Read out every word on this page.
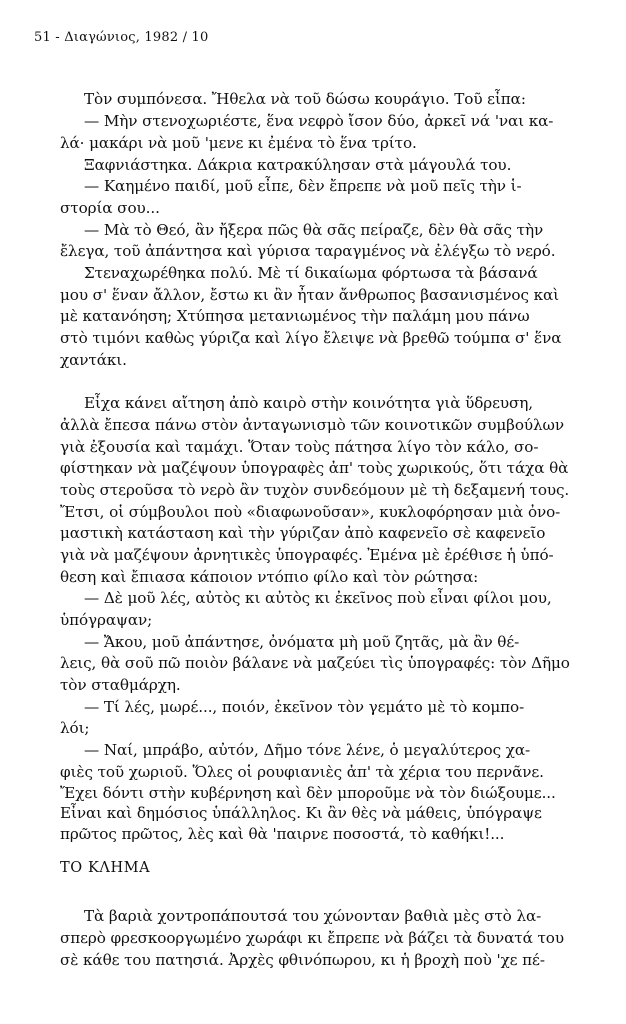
51 - Διαγώνιος, 1982 / 10
Τὸν συμπόνεσα. Ἤθελα νὰ τοῦ δώσω κουράγιο. Τοῦ εἶπα:
— Μὴν στενοχωριέστε, ἕνα νεφρὸ ἴσον δύο, ἀρκεῖ νά 'ναι κα-
λά· μακάρι νὰ μοῦ 'μενε κι ἐμένα τὸ ἕνα τρίτο.
Ξαφνιάστηκα. Δάκρια κατρακύλησαν στὰ μάγουλά του.
— Καημένο παιδί, μοῦ εἶπε, δὲν ἔπρεπε νὰ μοῦ πεῖς τὴν ἱ-
στορία σου...
— Μὰ τὸ Θεό, ἂν ἤξερα πῶς θὰ σᾶς πείραζε, δὲν θὰ σᾶς τὴν
ἔλεγα, τοῦ ἀπάντησα καὶ γύρισα ταραγμένος νὰ ἐλέγξω τὸ νερό.
Στεναχωρέθηκα πολύ. Μὲ τί δικαίωμα φόρτωσα τὰ βάσανά
μου σ' ἕναν ἄλλον, ἔστω κι ἂν ἦταν ἄνθρωπος βασανισμένος καὶ
μὲ κατανόηση; Χτύπησα μετανιωμένος τὴν παλάμη μου πάνω
στὸ τιμόνι καθὼς γύριζα καὶ λίγο ἔλειψε νὰ βρεθῶ τούμπα σ' ἕνα
χαντάκι.
Εἶχα κάνει αἴτηση ἀπὸ καιρὸ στὴν κοινότητα γιὰ ὕδρευση,
ἀλλὰ ἔπεσα πάνω στὸν ἀνταγωνισμὸ τῶν κοινοτικῶν συμβούλων
γιὰ ἐξουσία καὶ ταμάχι. Ὅταν τοὺς πάτησα λίγο τὸν κάλο, σο-
φίστηκαν νὰ μαζέψουν ὑπογραφὲς ἀπ' τοὺς χωρικούς, ὅτι τάχα θὰ
τοὺς στεροῦσα τὸ νερὸ ἂν τυχὸν συνδεόμουν μὲ τὴ δεξαμενή τους.
Ἔτσι, οἱ σύμβουλοι ποὺ «διαφωνοῦσαν», κυκλοφόρησαν μιὰ ὀνο-
μαστικὴ κατάσταση καὶ τὴν γύριζαν ἀπὸ καφενεῖο σὲ καφενεῖο
γιὰ νὰ μαζέψουν ἀρνητικὲς ὑπογραφές. Ἐμένα μὲ ἐρέθισε ἡ ὑπό-
θεση καὶ ἔπιασα κάποιον ντόπιο φίλο καὶ τὸν ρώτησα:
— Δὲ μοῦ λές, αὐτὸς κι αὐτὸς κι ἐκεῖνος ποὺ εἶναι φίλοι μου,
ὑπόγραψαν;
— Ἄκου, μοῦ ἀπάντησε, ὀνόματα μὴ μοῦ ζητᾶς, μὰ ἂν θέ-
λεις, θὰ σοῦ πῶ ποιὸν βάλανε νὰ μαζεύει τὶς ὑπογραφές: τὸν Δῆμο
τὸν σταθμάρχη.
— Τί λές, μωρέ..., ποιόν, ἐκεῖνον τὸν γεμάτο μὲ τὸ κομπο-
λόι;
— Ναί, μπράβο, αὐτόν, Δῆμο τόνε λένε, ὁ μεγαλύτερος χα-
φιὲς τοῦ χωριοῦ. Ὅλες οἱ ρουφιανιὲς ἀπ' τὰ χέρια του περνᾶνε.
Ἔχει δόντι στὴν κυβέρνηση καὶ δὲν μποροῦμε νὰ τὸν διώξουμε...
Εἶναι καὶ δημόσιος ὑπάλληλος. Κι ἂν θὲς νὰ μάθεις, ὑπόγραψε
πρῶτος πρῶτος, λὲς καὶ θὰ 'παιρνε ποσοστά, τὸ καθήκι!...
ΤΟ ΚΛΗΜΑ
Τὰ βαριὰ χοντροπάπουτσά του χώνονταν βαθιὰ μὲς στὸ λα-
σπερὸ φρεσκοοργωμένο χωράφι κι ἔπρεπε νὰ βάζει τὰ δυνατά του
σὲ κάθε του πατησιά. Ἀρχὲς φθινόπωρου, κι ἡ βροχὴ ποὺ 'χε πέ-
